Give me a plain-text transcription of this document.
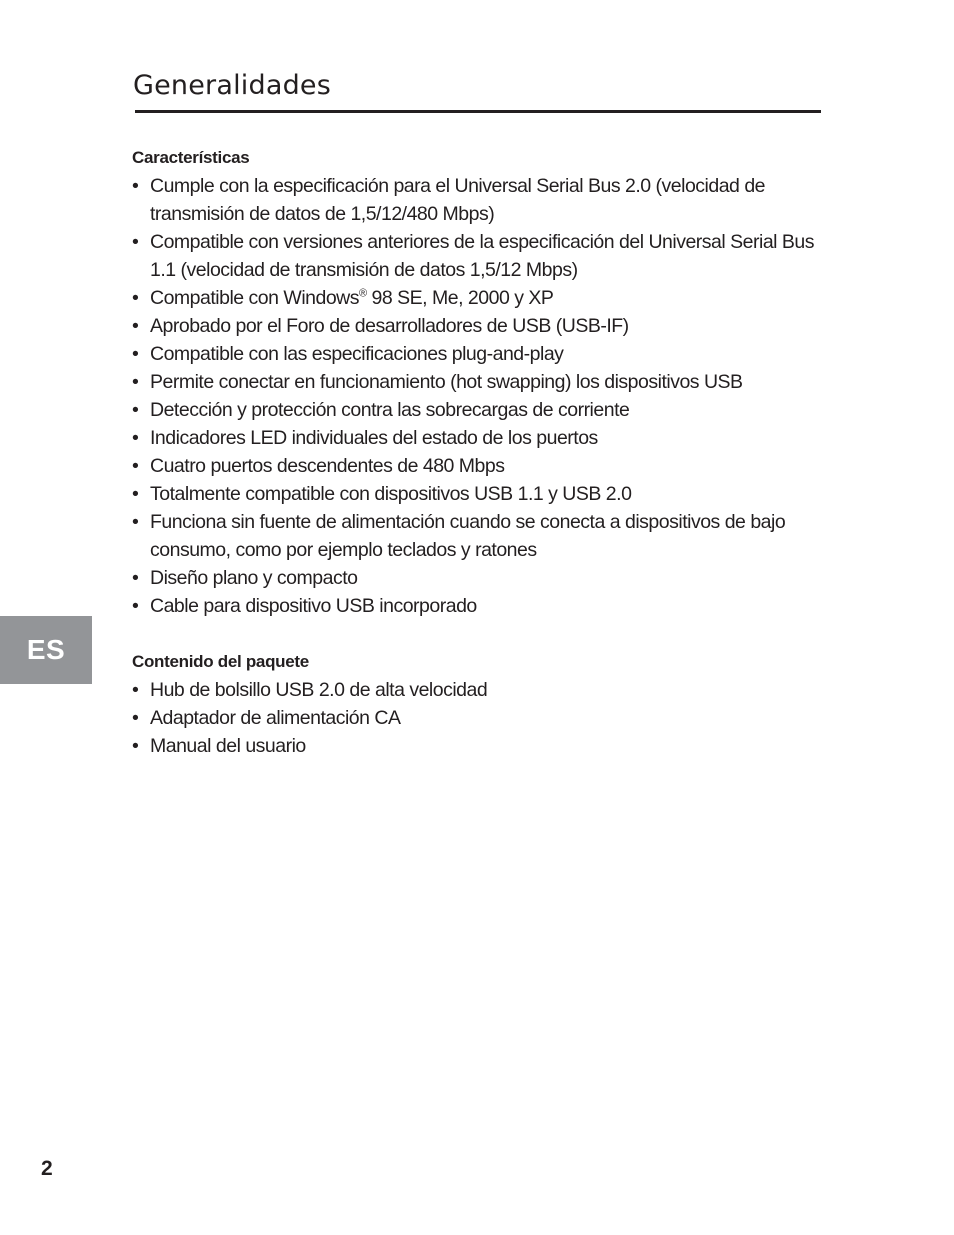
Generalidades
Características
• Cumple con la especificación para el Universal Serial Bus 2.0 (velocidad de transmisión de datos de 1,5/12/480 Mbps)
• Compatible con versiones anteriores de la especificación del Universal Serial Bus 1.1 (velocidad de transmisión de datos 1,5/12 Mbps)
• Compatible con Windows® 98 SE, Me, 2000 y XP
• Aprobado por el Foro de desarrolladores de USB (USB-IF)
• Compatible con las especificaciones plug-and-play
• Permite conectar en funcionamiento (hot swapping) los dispositivos USB
• Detección y protección contra las sobrecargas de corriente
• Indicadores LED individuales del estado de los puertos
• Cuatro puertos descendentes de 480 Mbps
• Totalmente compatible con dispositivos USB 1.1 y USB 2.0
• Funciona sin fuente de alimentación cuando se conecta a dispositivos de bajo consumo, como por ejemplo teclados y ratones
• Diseño plano y compacto
• Cable para dispositivo USB incorporado
Contenido del paquete
• Hub de bolsillo USB 2.0 de alta velocidad
• Adaptador de alimentación CA
• Manual del usuario
ES
2
